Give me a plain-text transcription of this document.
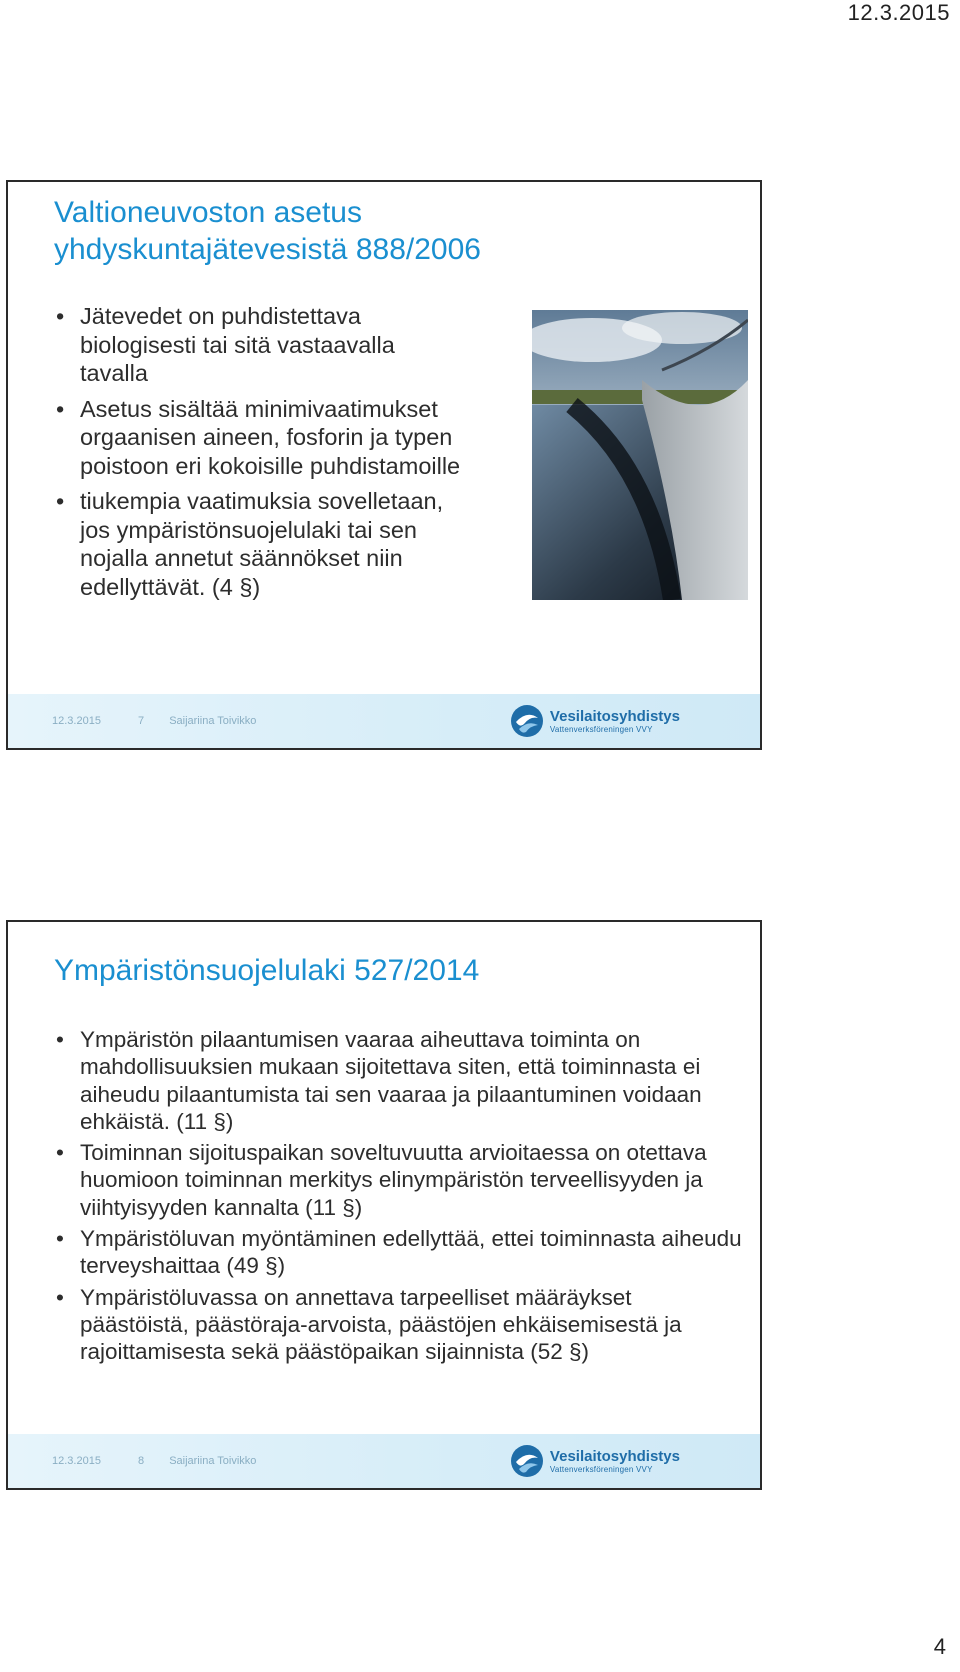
12.3.2015
Valtioneuvoston asetus
yhdyskuntajätevesistä 888/2006
• Jätevedet on puhdistettava biologisesti tai sitä vastaavalla tavalla
• Asetus sisältää minimivaatimukset orgaanisen aineen, fosforin ja typen poistoon eri kokoisille puhdistamoille
• tiukempia vaatimuksia sovelletaan, jos ympäristönsuojelulaki tai sen nojalla annetut säännökset niin edellyttävät. (4 §)
12.3.2015	7 Saijariina Toivikko	Vesilaitosyhdistys
Vattenverksföreningen VVY
Ympäristönsuojelulaki 527/2014
• Ympäristön pilaantumisen vaaraa aiheuttava toiminta on mahdollisuuksien mukaan sijoitettava siten, että toiminnasta ei aiheudu pilaantumista tai sen vaaraa ja pilaantuminen voidaan ehkäistä. (11 §)
• Toiminnan sijoituspaikan soveltuvuutta arvioitaessa on otettava huomioon toiminnan merkitys elinympäristön terveellisyyden ja viihtyisyyden kannalta (11 §)
• Ympäristöluvan myöntäminen edellyttää, ettei toiminnasta aiheudu terveyshaittaa (49 §)
• Ympäristöluvassa on annettava tarpeelliset määräykset päästöistä, päästöraja-arvoista, päästöjen ehkäisemisestä ja rajoittamisesta sekä päästöpaikan sijainnista (52 §)
12.3.2015	8 Saijariina Toivikko	Vesilaitosyhdistys
Vattenverksföreningen VVY
4
